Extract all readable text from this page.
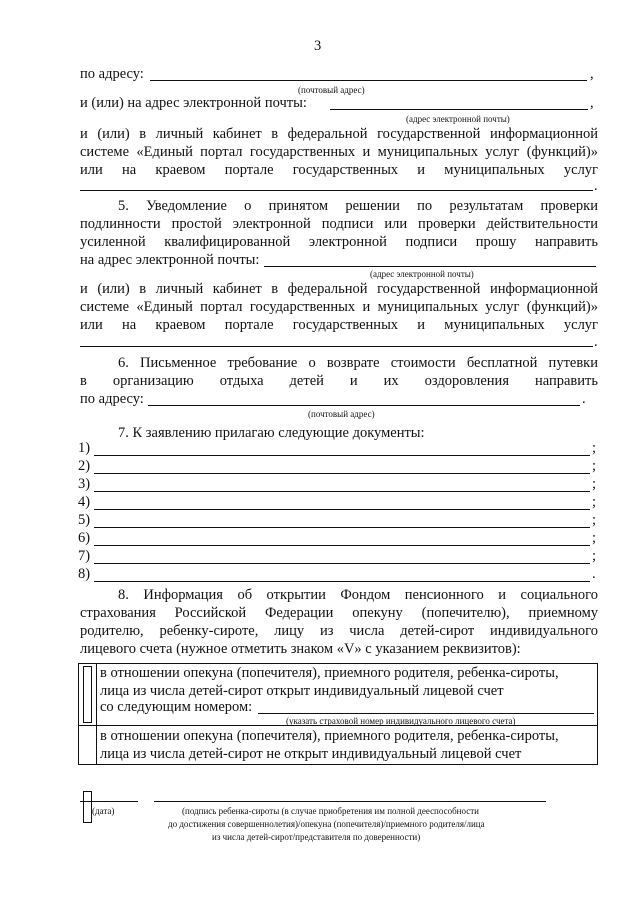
3
по адресу:	,
(почтовый адрес)
и (или) на адрес электронной почты:	,
(адрес электронной почты)
и (или) в личный кабинет в федеральной государственной информационной
системе «Единый портал государственных и муниципальных услуг (функций)»
или на краевом портале государственных и муниципальных услуг
.
5. Уведомление о принятом решении по результатам проверки
подлинности простой электронной подписи или проверки действительности
усиленной квалифицированной электронной подписи прошу направить
на адрес электронной почты:
(адрес электронной почты)
и (или) в личный кабинет в федеральной государственной информационной
системе «Единый портал государственных и муниципальных услуг (функций)»
или на краевом портале государственных и муниципальных услуг
.
6. Письменное требование о возврате стоимости бесплатной путевки
в организацию отдыха детей и их оздоровления направить
по адресу:	.
(почтовый адрес)
7. К заявлению прилагаю следующие документы:
1)	;
2)	;
3)	;
4)	;
5)	;
6)	;
7)	;
8)	.
8. Информация об открытии Фондом пенсионного и социального
страхования Российской Федерации опекуну (попечителю), приемному
родителю, ребенку-сироте, лицу из числа детей-сирот индивидуального
лицевого счета (нужное отметить знаком «V» с указанием реквизитов):
в отношении опекуна (попечителя), приемного родителя, ребенка-сироты,
лица из числа детей-сирот открыт индивидуальный лицевой счет
со следующим номером:
(указать страховой номер индивидуального лицевого счета)
в отношении опекуна (попечителя), приемного родителя, ребенка-сироты,
лица из числа детей-сирот не открыт индивидуальный лицевой счет
(дата)	(подпись ребенка-сироты (в случае приобретения им полной дееспособности
до достижения совершеннолетия)/опекуна (попечителя)/приемного родителя/лица
из числа детей-сирот/представителя по доверенности)
